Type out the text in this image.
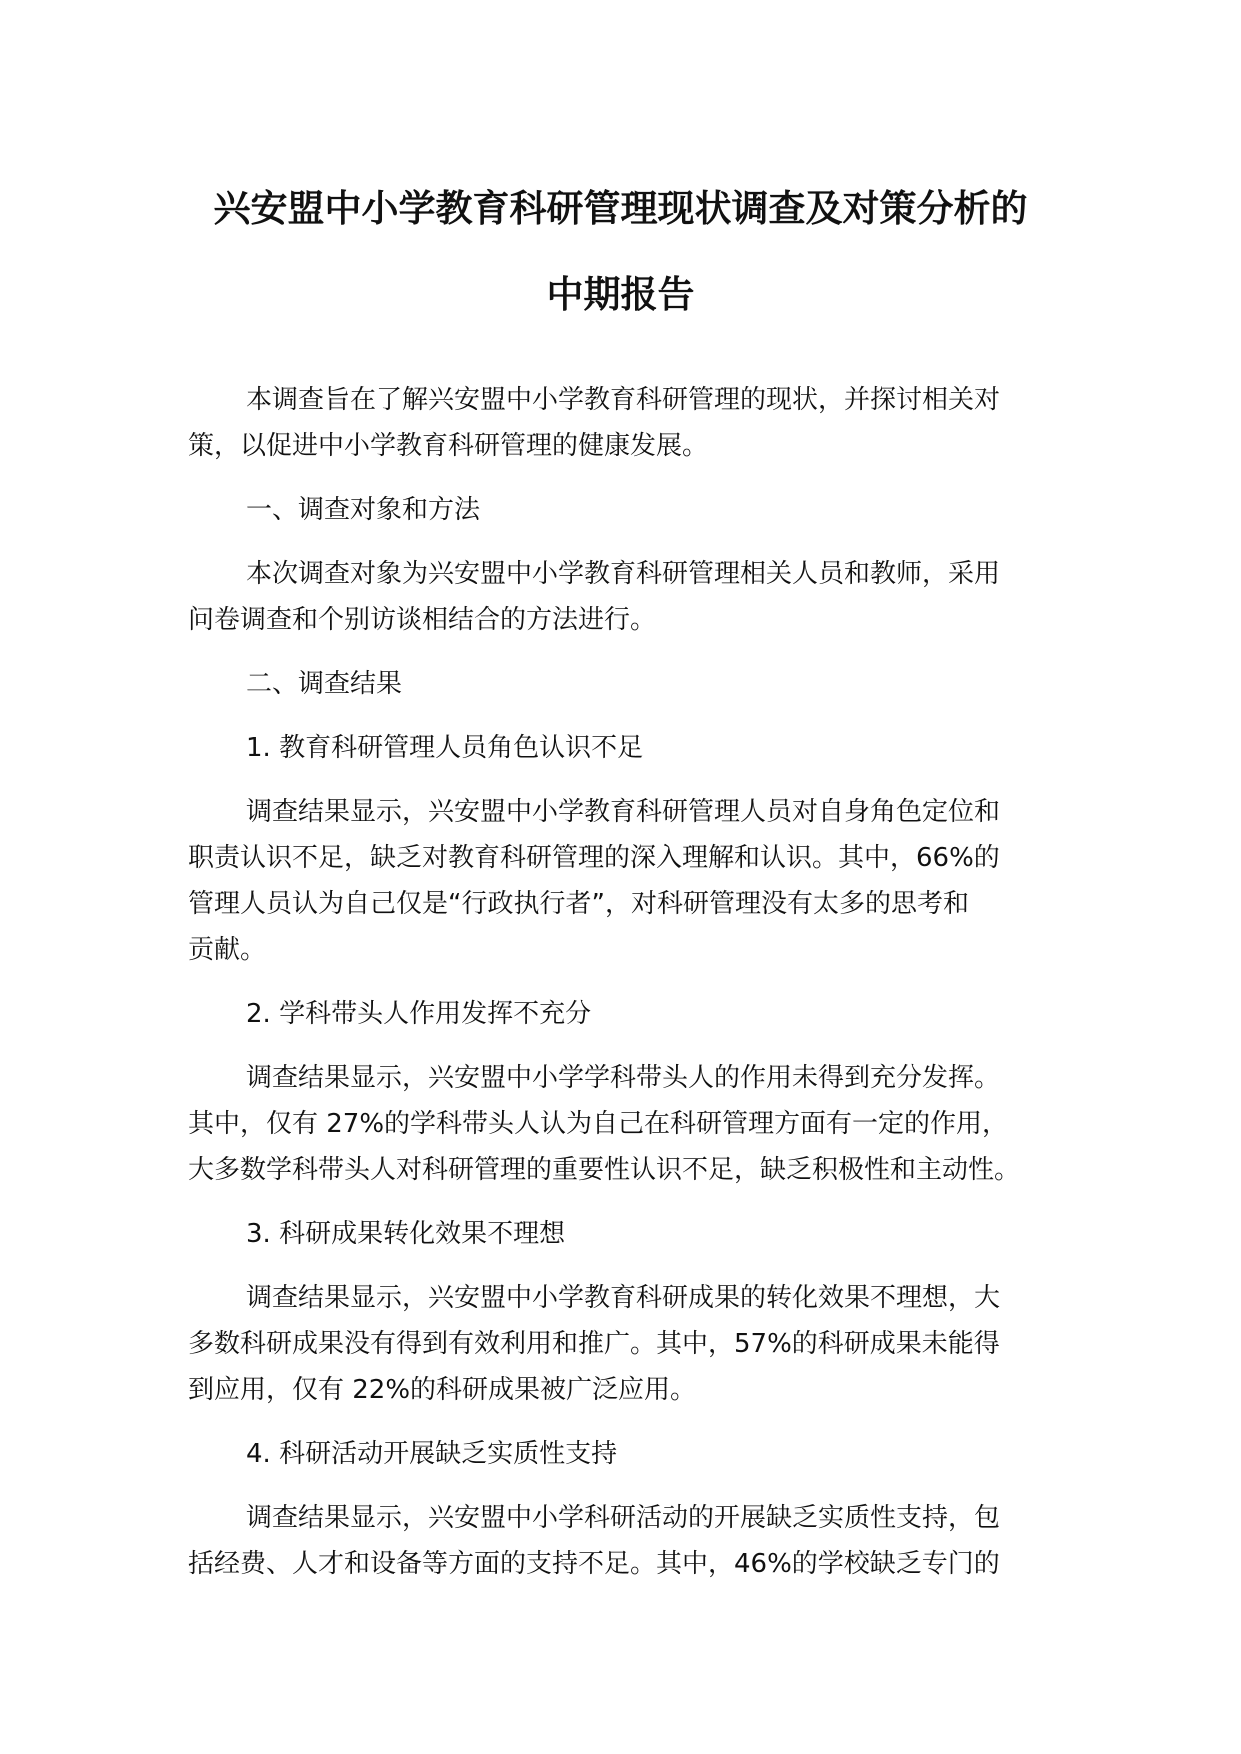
兴安盟中小学教育科研管理现状调查及对策分析的
中期报告
本调查旨在了解兴安盟中小学教育科研管理的现状，并探讨相关对
策，以促进中小学教育科研管理的健康发展。
一、调查对象和方法
本次调查对象为兴安盟中小学教育科研管理相关人员和教师，采用
问卷调查和个别访谈相结合的方法进行。
二、调查结果
1. 教育科研管理人员角色认识不足
调查结果显示，兴安盟中小学教育科研管理人员对自身角色定位和
职责认识不足，缺乏对教育科研管理的深入理解和认识。其中，66%的
管理人员认为自己仅是“行政执行者”，对科研管理没有太多的思考和
贡献。
2. 学科带头人作用发挥不充分
调查结果显示，兴安盟中小学学科带头人的作用未得到充分发挥。
其中，仅有 27%的学科带头人认为自己在科研管理方面有一定的作用，
大多数学科带头人对科研管理的重要性认识不足，缺乏积极性和主动性。
3. 科研成果转化效果不理想
调查结果显示，兴安盟中小学教育科研成果的转化效果不理想，大
多数科研成果没有得到有效利用和推广。其中，57%的科研成果未能得
到应用，仅有 22%的科研成果被广泛应用。
4. 科研活动开展缺乏实质性支持
调查结果显示，兴安盟中小学科研活动的开展缺乏实质性支持，包
括经费、人才和设备等方面的支持不足。其中，46%的学校缺乏专门的
